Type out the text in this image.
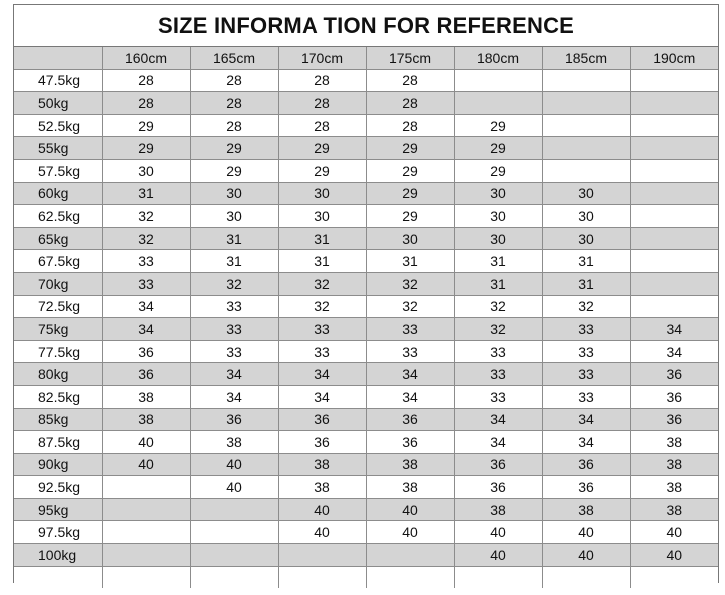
SIZE INFORMA TION FOR REFERENCE
	160cm	165cm	170cm	175cm	180cm	185cm	190cm
47.5kg	28	28	28	28			
50kg	28	28	28	28			
52.5kg	29	28	28	28	29		
55kg	29	29	29	29	29		
57.5kg	30	29	29	29	29		
60kg	31	30	30	29	30	30	
62.5kg	32	30	30	29	30	30	
65kg	32	31	31	30	30	30	
67.5kg	33	31	31	31	31	31	
70kg	33	32	32	32	31	31	
72.5kg	34	33	32	32	32	32	
75kg	34	33	33	33	32	33	34
77.5kg	36	33	33	33	33	33	34
80kg	36	34	34	34	33	33	36
82.5kg	38	34	34	34	33	33	36
85kg	38	36	36	36	34	34	36
87.5kg	40	38	36	36	34	34	38
90kg	40	40	38	38	36	36	38
92.5kg		40	38	38	36	36	38
95kg			40	40	38	38	38
97.5kg			40	40	40	40	40
100kg					40	40	40
